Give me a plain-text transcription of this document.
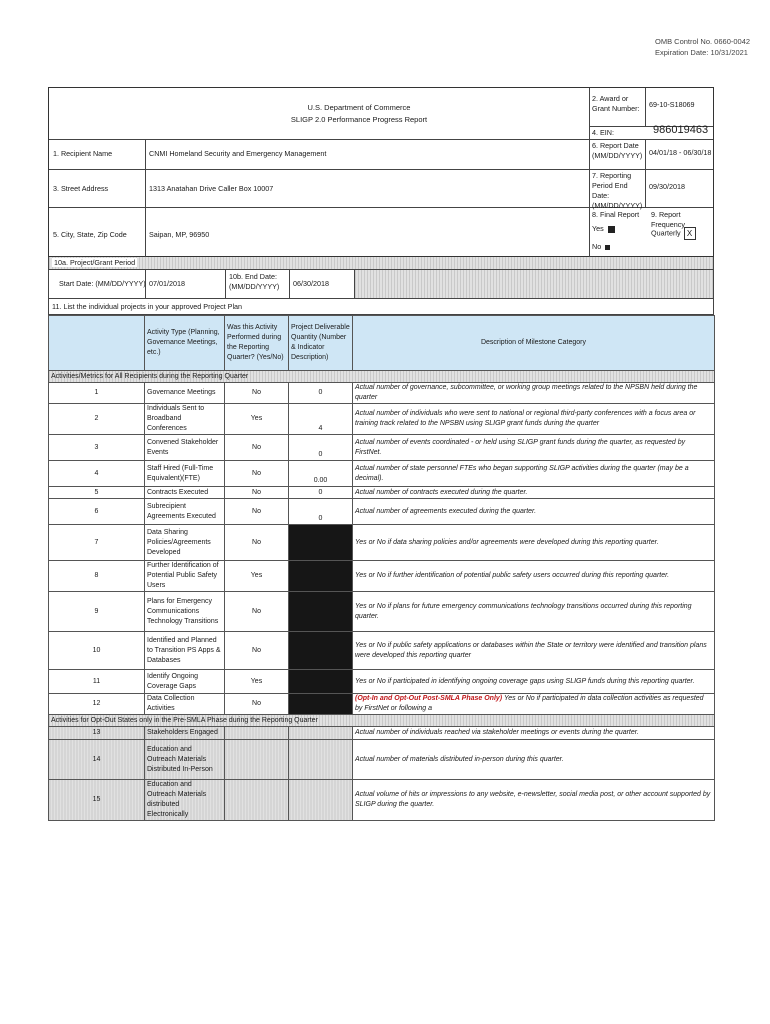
OMB Control No. 0660-0042
Expiration Date: 10/31/2021
U.S. Department of Commerce
SLIGP 2.0 Performance Progress Report
2. Award or Grant Number:	69-10-S18069
4. EIN:	986019463
6. Report Date (MM/DD/YYYY) 04/01/18 - 06/30/18
7. Reporting Period End Date: (MM/DD/YYYY)
09/30/2018
8. Final Report
Yes
No
9. Report Frequency
Quarterly X
1. Recipient Name	CNMI Homeland Security and Emergency Management
3. Street Address	1313 Anatahan Drive Caller Box 10007
5. City, State, Zip Code	Saipan, MP, 96950
10a. Project/Grant Period
Start Date: (MM/DD/YYYY) 07/01/2018
10b. End Date: (MM/DD/YYYY)	06/30/2018
11. List the individual projects in your approved Project Plan
	Activity Type (Planning, Governance Meetings, etc.)	Was this Activity Performed during the Reporting Quarter? (Yes/No)	Project Deliverable Quantity (Number & Indicator Description)	Description of Milestone Category
Activities/Metrics for All Recipients during the Reporting Quarter				
1	Governance Meetings	No	0	Actual number of governance, subcommittee, or working group meetings related to the NPSBN held during the quarter
2	Individuals Sent to Broadband Conferences	Yes	4	Actual number of individuals who were sent to national or regional third-party conferences with a focus area or training track related to the NPSBN using SLIGP grant funds during the quarter
3	Convened Stakeholder Events	No	0	Actual number of events coordinated - or held using SLIGP grant funds during the quarter, as requested by FirstNet.
4	Staff Hired (Full-Time Equivalent)(FTE)	No	0.00	Actual number of state personnel FTEs who began supporting SLIGP activities during the quarter (may be a decimal).
5	Contracts Executed	No	0	Actual number of contracts executed during the quarter.
6	Subrecipient Agreements Executed	No	0	Actual number of agreements executed during the quarter.
7	Data Sharing Policies/Agreements Developed	No		Yes or No if data sharing policies and/or agreements were developed during this reporting quarter.
8	Further Identification of Potential Public Safety Users	Yes		Yes or No if further identification of potential public safety users occurred during this reporting quarter.
9	Plans for Emergency Communications Technology Transitions	No		Yes or No if plans for future emergency communications technology transitions occurred during this reporting quarter.
10	Identified and Planned to Transition PS Apps & Databases	No		Yes or No if public safety applications or databases within the State or territory were identified and transition plans were developed this reporting quarter
11	Identify Ongoing Coverage Gaps	Yes		Yes or No if participated in identifying ongoing coverage gaps using SLIGP funds during this reporting quarter.
12	Data Collection Activities	No		(Opt-In and Opt-Out Post-SMLA Phase Only) Yes or No if participated in data collection activities as requested by FirstNet or following a
Activities for Opt-Out States only in the Pre-SMLA Phase during the Reporting Quarter				
13	Stakeholders Engaged			Actual number of individuals reached via stakeholder meetings or events during the quarter.
14	Education and Outreach Materials Distributed In-Person			Actual number of materials distributed in-person during this quarter.
15	Education and Outreach Materials distributed Electronically			Actual volume of hits or impressions to any website, e-newsletter, social media post, or other account supported by SLIGP during the quarter.
